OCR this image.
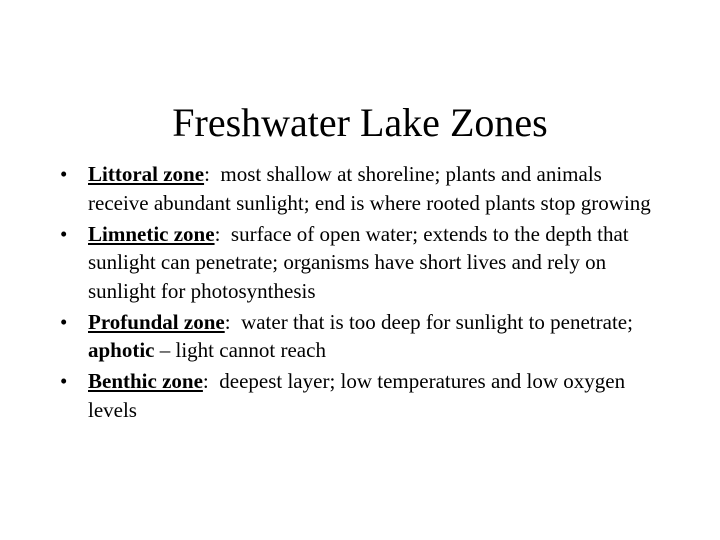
Freshwater Lake Zones
• Littoral zone:  most shallow at shoreline; plants and animals receive abundant sunlight; end is where rooted plants stop growing
• Limnetic zone:  surface of open water; extends to the depth that sunlight can penetrate; organisms have short lives and rely on sunlight for photosynthesis
• Profundal zone:  water that is too deep for sunlight to penetrate; aphotic – light cannot reach
• Benthic zone:  deepest layer; low temperatures and low oxygen levels
